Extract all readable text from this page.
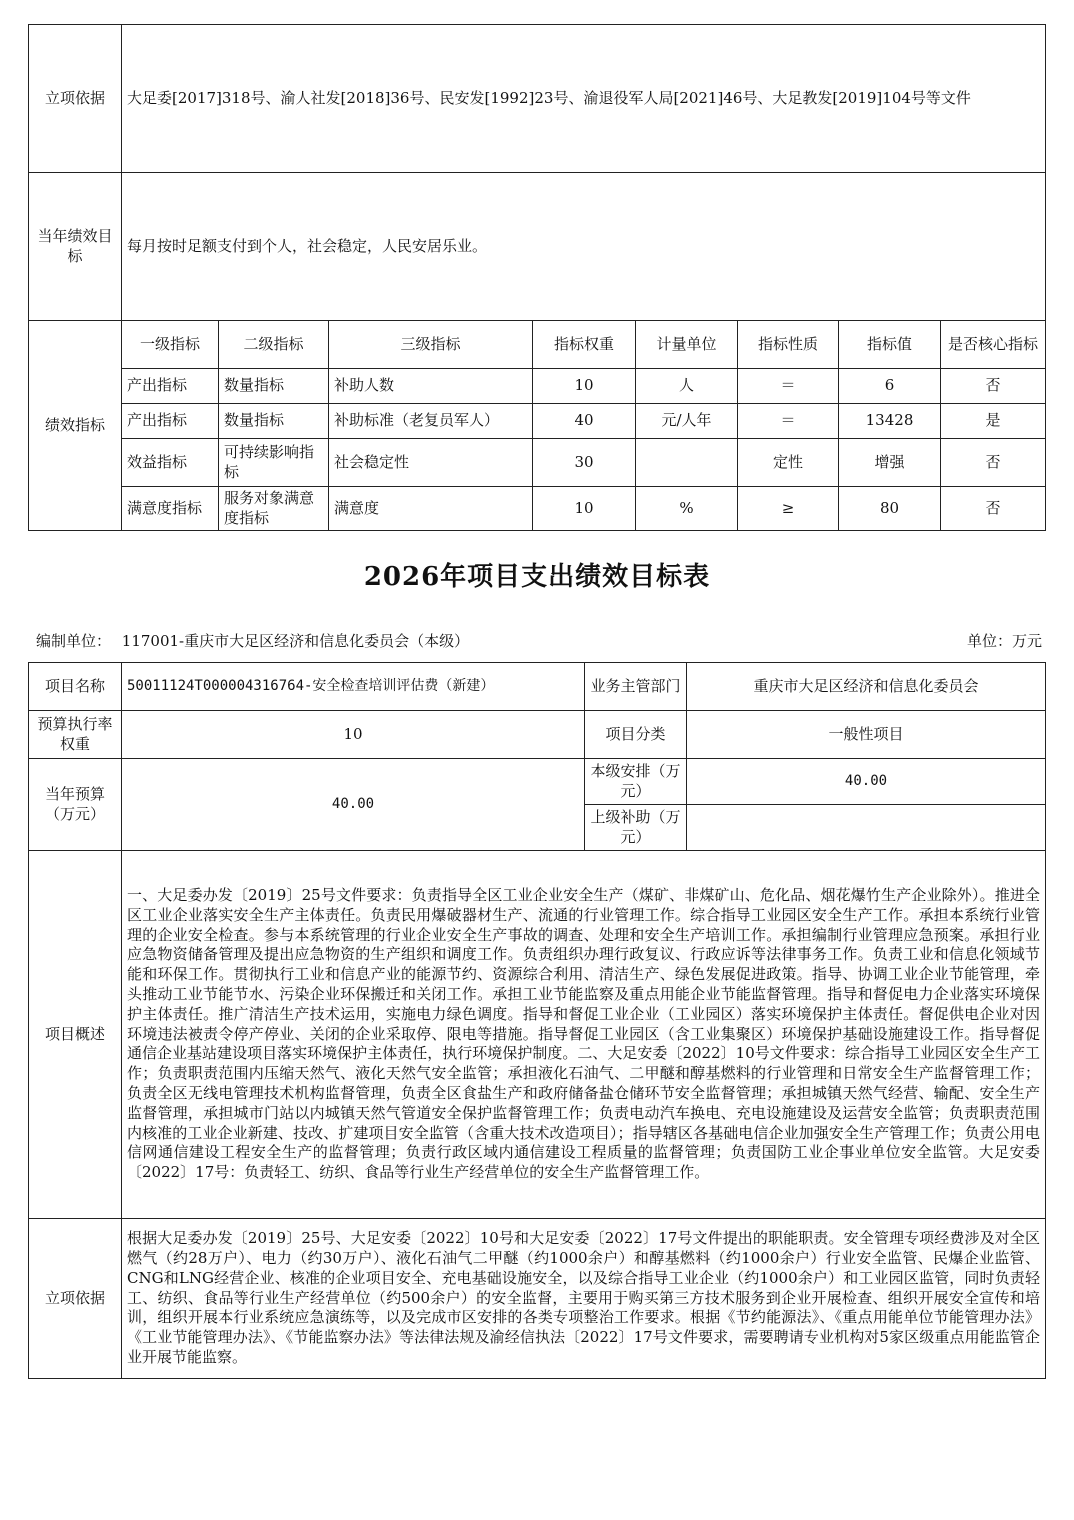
立项依据	大足委[2017]318号、渝人社发[2018]36号、民安发[1992]23号、渝退役军人局[2021]46号、大足教发[2019]104号等文件							
当年绩效目标	每月按时足额支付到个人，社会稳定，人民安居乐业。							
绩效指标	一级指标	二级指标	三级指标	指标权重	计量单位	指标性质	指标值	是否核心指标
	产出指标	数量指标	补助人数	10	人	＝	6	否
	产出指标	数量指标	补助标准（老复员军人）	40	元/人年	＝	13428	是
	效益指标	可持续影响指标	社会稳定性	30		定性	增强	否
	满意度指标	服务对象满意度指标	满意度	10	%	≥	80	否
2026年项目支出绩效目标表
编制单位： 117001-重庆市大足区经济和信息化委员会（本级）	单位：万元
项目名称	50011124T000004316764-安全检查培训评估费（新建）	业务主管部门	重庆市大足区经济和信息化委员会
预算执行率权重	10	项目分类	一般性项目
当年预算（万元）	40.00	本级安排（万元）	40.00
		上级补助（万元）	
项目概述	一、大足委办发〔2019〕25号文件要求：负责指导全区工业企业安全生产（煤矿、非煤矿山、危化品、烟花爆竹生产企业除外）。推进全区工业企业落实安全生产主体责任。负责民用爆破器材生产、流通的行业管理工作。综合指导工业园区安全生产工作。承担本系统行业管理的企业安全检查。参与本系统管理的行业企业安全生产事故的调查、处理和安全生产培训工作。承担编制行业管理应急预案。承担行业应急物资储备管理及提出应急物资的生产组织和调度工作。负责组织办理行政复议、行政应诉等法律事务工作。负责工业和信息化领域节能和环保工作。贯彻执行工业和信息产业的能源节约、资源综合利用、清洁生产、绿色发展促进政策。指导、协调工业企业节能管理，牵头推动工业节能节水、污染企业环保搬迁和关闭工作。承担工业节能监察及重点用能企业节能监督管理。指导和督促电力企业落实环境保护主体责任。推广清洁生产技术运用，实施电力绿色调度。指导和督促工业企业（工业园区）落实环境保护主体责任。督促供电企业对因环境违法被责令停产停业、关闭的企业采取停、限电等措施。指导督促工业园区（含工业集聚区）环境保护基础设施建设工作。指导督促通信企业基站建设项目落实环境保护主体责任，执行环境保护制度。二、大足安委〔2022〕10号文件要求：综合指导工业园区安全生产工作；负责职责范围内压缩天然气、液化天然气安全监管；承担液化石油气、二甲醚和醇基燃料的行业管理和日常安全生产监督管理工作；负责全区无线电管理技术机构监督管理，负责全区食盐生产和政府储备盐仓储环节安全监督管理；承担城镇天然气经营、输配、安全生产监督管理，承担城市门站以内城镇天然气管道安全保护监督管理工作；负责电动汽车换电、充电设施建设及运营安全监管；负责职责范围内核准的工业企业新建、技改、扩建项目安全监管（含重大技术改造项目）；指导辖区各基础电信企业加强安全生产管理工作；负责公用电信网通信建设工程安全生产的监督管理；负责行政区域内通信建设工程质量的监督管理；负责国防工业企事业单位安全监管。大足安委〔2022〕17号：负责轻工、纺织、食品等行业生产经营单位的安全生产监督管理工作。		
立项依据	根据大足委办发〔2019〕25号、大足安委〔2022〕10号和大足安委〔2022〕17号文件提出的职能职责。安全管理专项经费涉及对全区燃气（约28万户）、电力（约30万户）、液化石油气二甲醚（约1000余户）和醇基燃料（约1000余户）行业安全监管、民爆企业监管、CNG和LNG经营企业、核准的企业项目安全、充电基础设施安全，以及综合指导工业企业（约1000余户）和工业园区监管，同时负责轻工、纺织、食品等行业生产经营单位（约500余户）的安全监督，主要用于购买第三方技术服务到企业开展检查、组织开展安全宣传和培训，组织开展本行业系统应急演练等，以及完成市区安排的各类专项整治工作要求。根据《节约能源法》、《重点用能单位节能管理办法》《工业节能管理办法》、《节能监察办法》等法律法规及渝经信执法〔2022〕17号文件要求，需要聘请专业机构对5家区级重点用能监管企业开展节能监察。		
